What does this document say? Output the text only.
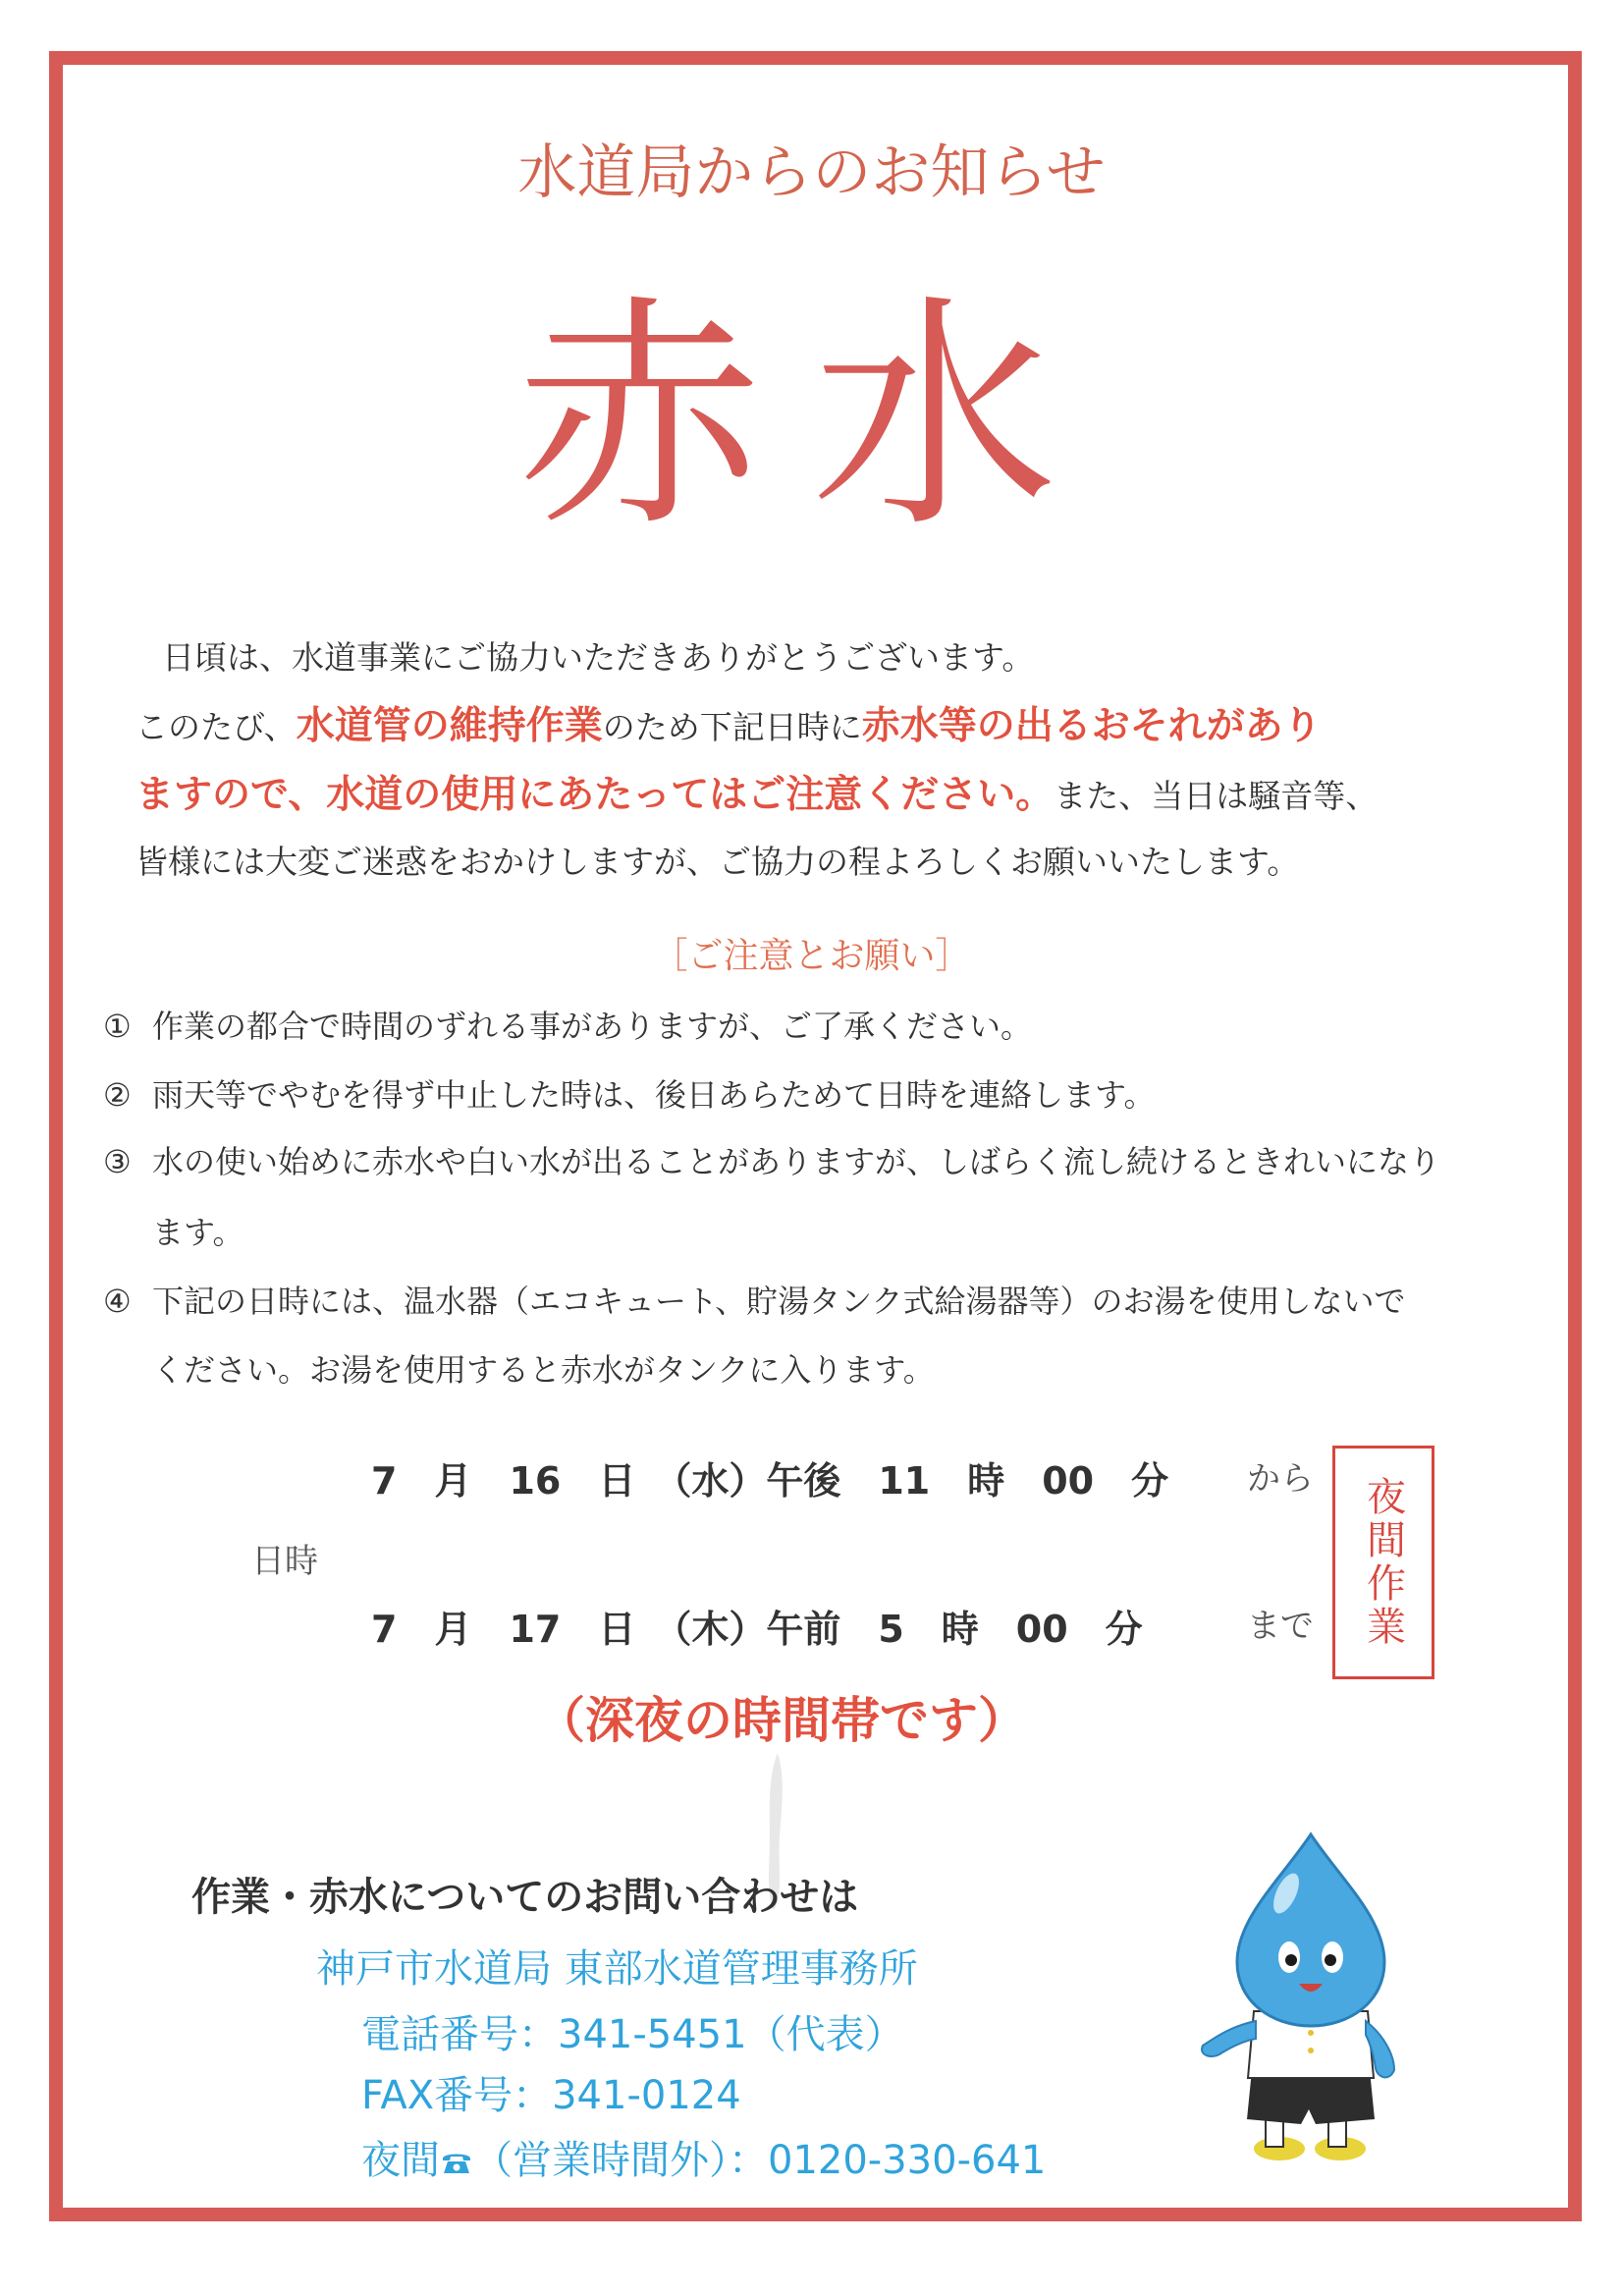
水道局からのお知らせ
赤水
日頃は、水道事業にご協力いただきありがとうございます。
このたび、水道管の維持作業のため下記日時に赤水等の出るおそれがあり
ますので、水道の使用にあたってはご注意ください。また、当日は騒音等、
皆様には大変ご迷惑をおかけしますが、ご協力の程よろしくお願いいたします。
［ご注意とお願い］
① 作業の都合で時間のずれる事がありますが、ご了承ください。
② 雨天等でやむを得ず中止した時は、後日あらためて日時を連絡します。
③ 水の使い始めに赤水や白い水が出ることがありますが、しばらく流し続けるときれいになり
ます。
④ 下記の日時には、温水器（エコキュート、貯湯タンク式給湯器等）のお湯を使用しないで
ください。お湯を使用すると赤水がタンクに入ります。
7　月　16　日　（水）午後　11　時　00　分 から
日時
7　月　17　日　（木）午前　5　時　00　分	まで 夜間作業
（深夜の時間帯です）
作業・赤水についてのお問い合わせは
神戸市水道局 東部水道管理事務所
電話番号：341-5451（代表）
FAX番号：341-0124
夜間 （営業時間外）：0120-330-641
